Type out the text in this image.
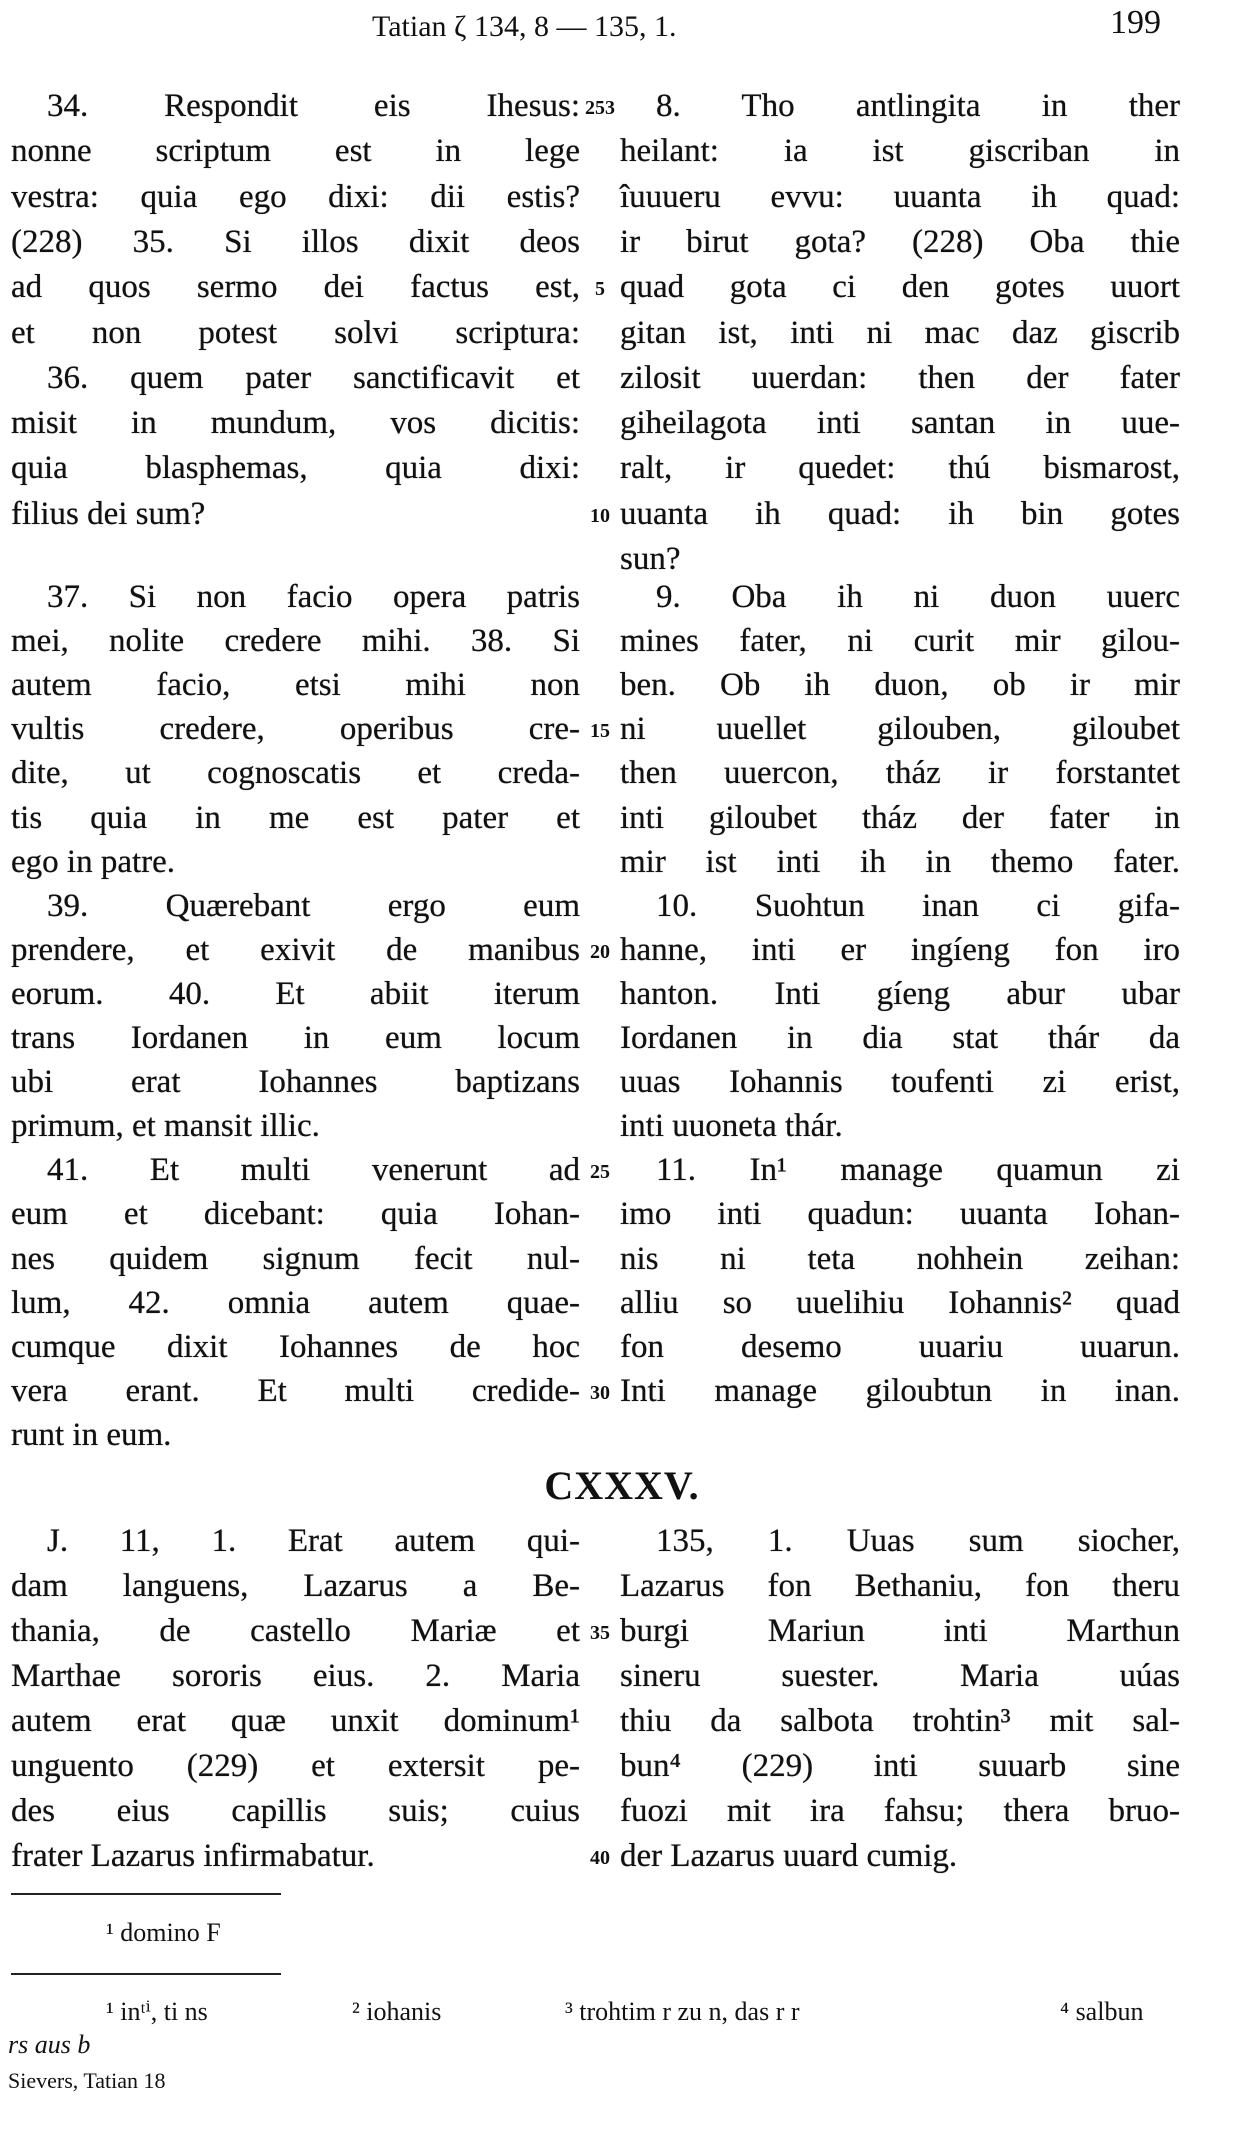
Tatian ζ 134, 8 — 135, 1.	199
34. Respondit eis Ihesus:
nonne scriptum est in lege
vestra: quia ego dixi: dii estis?
(228) 35. Si illos dixit deos
ad quos sermo dei factus est,
et non potest solvi scriptura:
36. quem pater sanctificavit et
misit in mundum, vos dicitis:
quia blasphemas, quia dixi:
filius dei sum?
8. Tho antlingita in ther
heilant: ia ist giscriban in
îuuueru evvu: uuanta ih quad:
ir birut gota? (228) Oba thie
quad gota ci den gotes uuort
gitan ist, inti ni mac daz giscrib
zilosit uuerdan: then der fater
giheilagota inti santan in uue-
ralt, ir quedet: thú bismarost,
uuanta ih quad: ih bin gotes
sun?
253
5
10
37. Si non facio opera patris
mei, nolite credere mihi. 38. Si
autem facio, etsi mihi non
vultis credere, operibus cre-
dite, ut cognoscatis et creda-
tis quia in me est pater et
ego in patre.
39. Quærebant ergo eum
prendere, et exivit de manibus
eorum. 40. Et abiit iterum
trans Iordanen in eum locum
ubi erat Iohannes baptizans
primum, et mansit illic.
41. Et multi venerunt ad
eum et dicebant: quia Iohan-
nes quidem signum fecit nul-
lum, 42. omnia autem quae-
cumque dixit Iohannes de hoc
vera erant. Et multi credide-
runt in eum.
9. Oba ih ni duon uuerc
mines fater, ni curit mir gilou-
ben. Ob ih duon, ob ir mir
ni uuellet gilouben, giloubet
then uuercon, tház ir forstantet
inti giloubet tház der fater in
mir ist inti ih in themo fater.
10. Suohtun inan ci gifa-
hanne, inti er ingíeng fon iro
hanton. Inti gíeng abur ubar
Iordanen in dia stat thár da
uuas Iohannis toufenti zi erist,
inti uuoneta thár.
11. In¹ manage quamun zi
imo inti quadun: uuanta Iohan-
nis ni teta nohhein zeihan:
alliu so uuelihiu Iohannis² quad
fon desemo uuariu uuarun.
Inti manage giloubtun in inan.
15
20
25
30
J. 11, 1. Erat autem qui-
dam languens, Lazarus a Be-
thania, de castello Mariæ et
Marthae sororis eius. 2. Maria
autem erat quæ unxit dominum¹
unguento (229) et extersit pe-
des eius capillis suis; cuius
frater Lazarus infirmabatur.
135, 1. Uuas sum siocher,
Lazarus fon Bethaniu, fon theru
burgi Mariun inti Marthun
sineru suester. Maria uúas
thiu da salbota trohtin³ mit sal-
bun⁴ (229) inti suuarb sine
fuozi mit ira fahsu; thera bruo-
der Lazarus uuard cumig.
35
40
CXXXV.
¹ domino F
¹ inᵗⁱ, ti ns	² iohanis	³ trohtim r zu n, das r r	⁴ salbun
rs aus b
Sievers, Tatian 18
